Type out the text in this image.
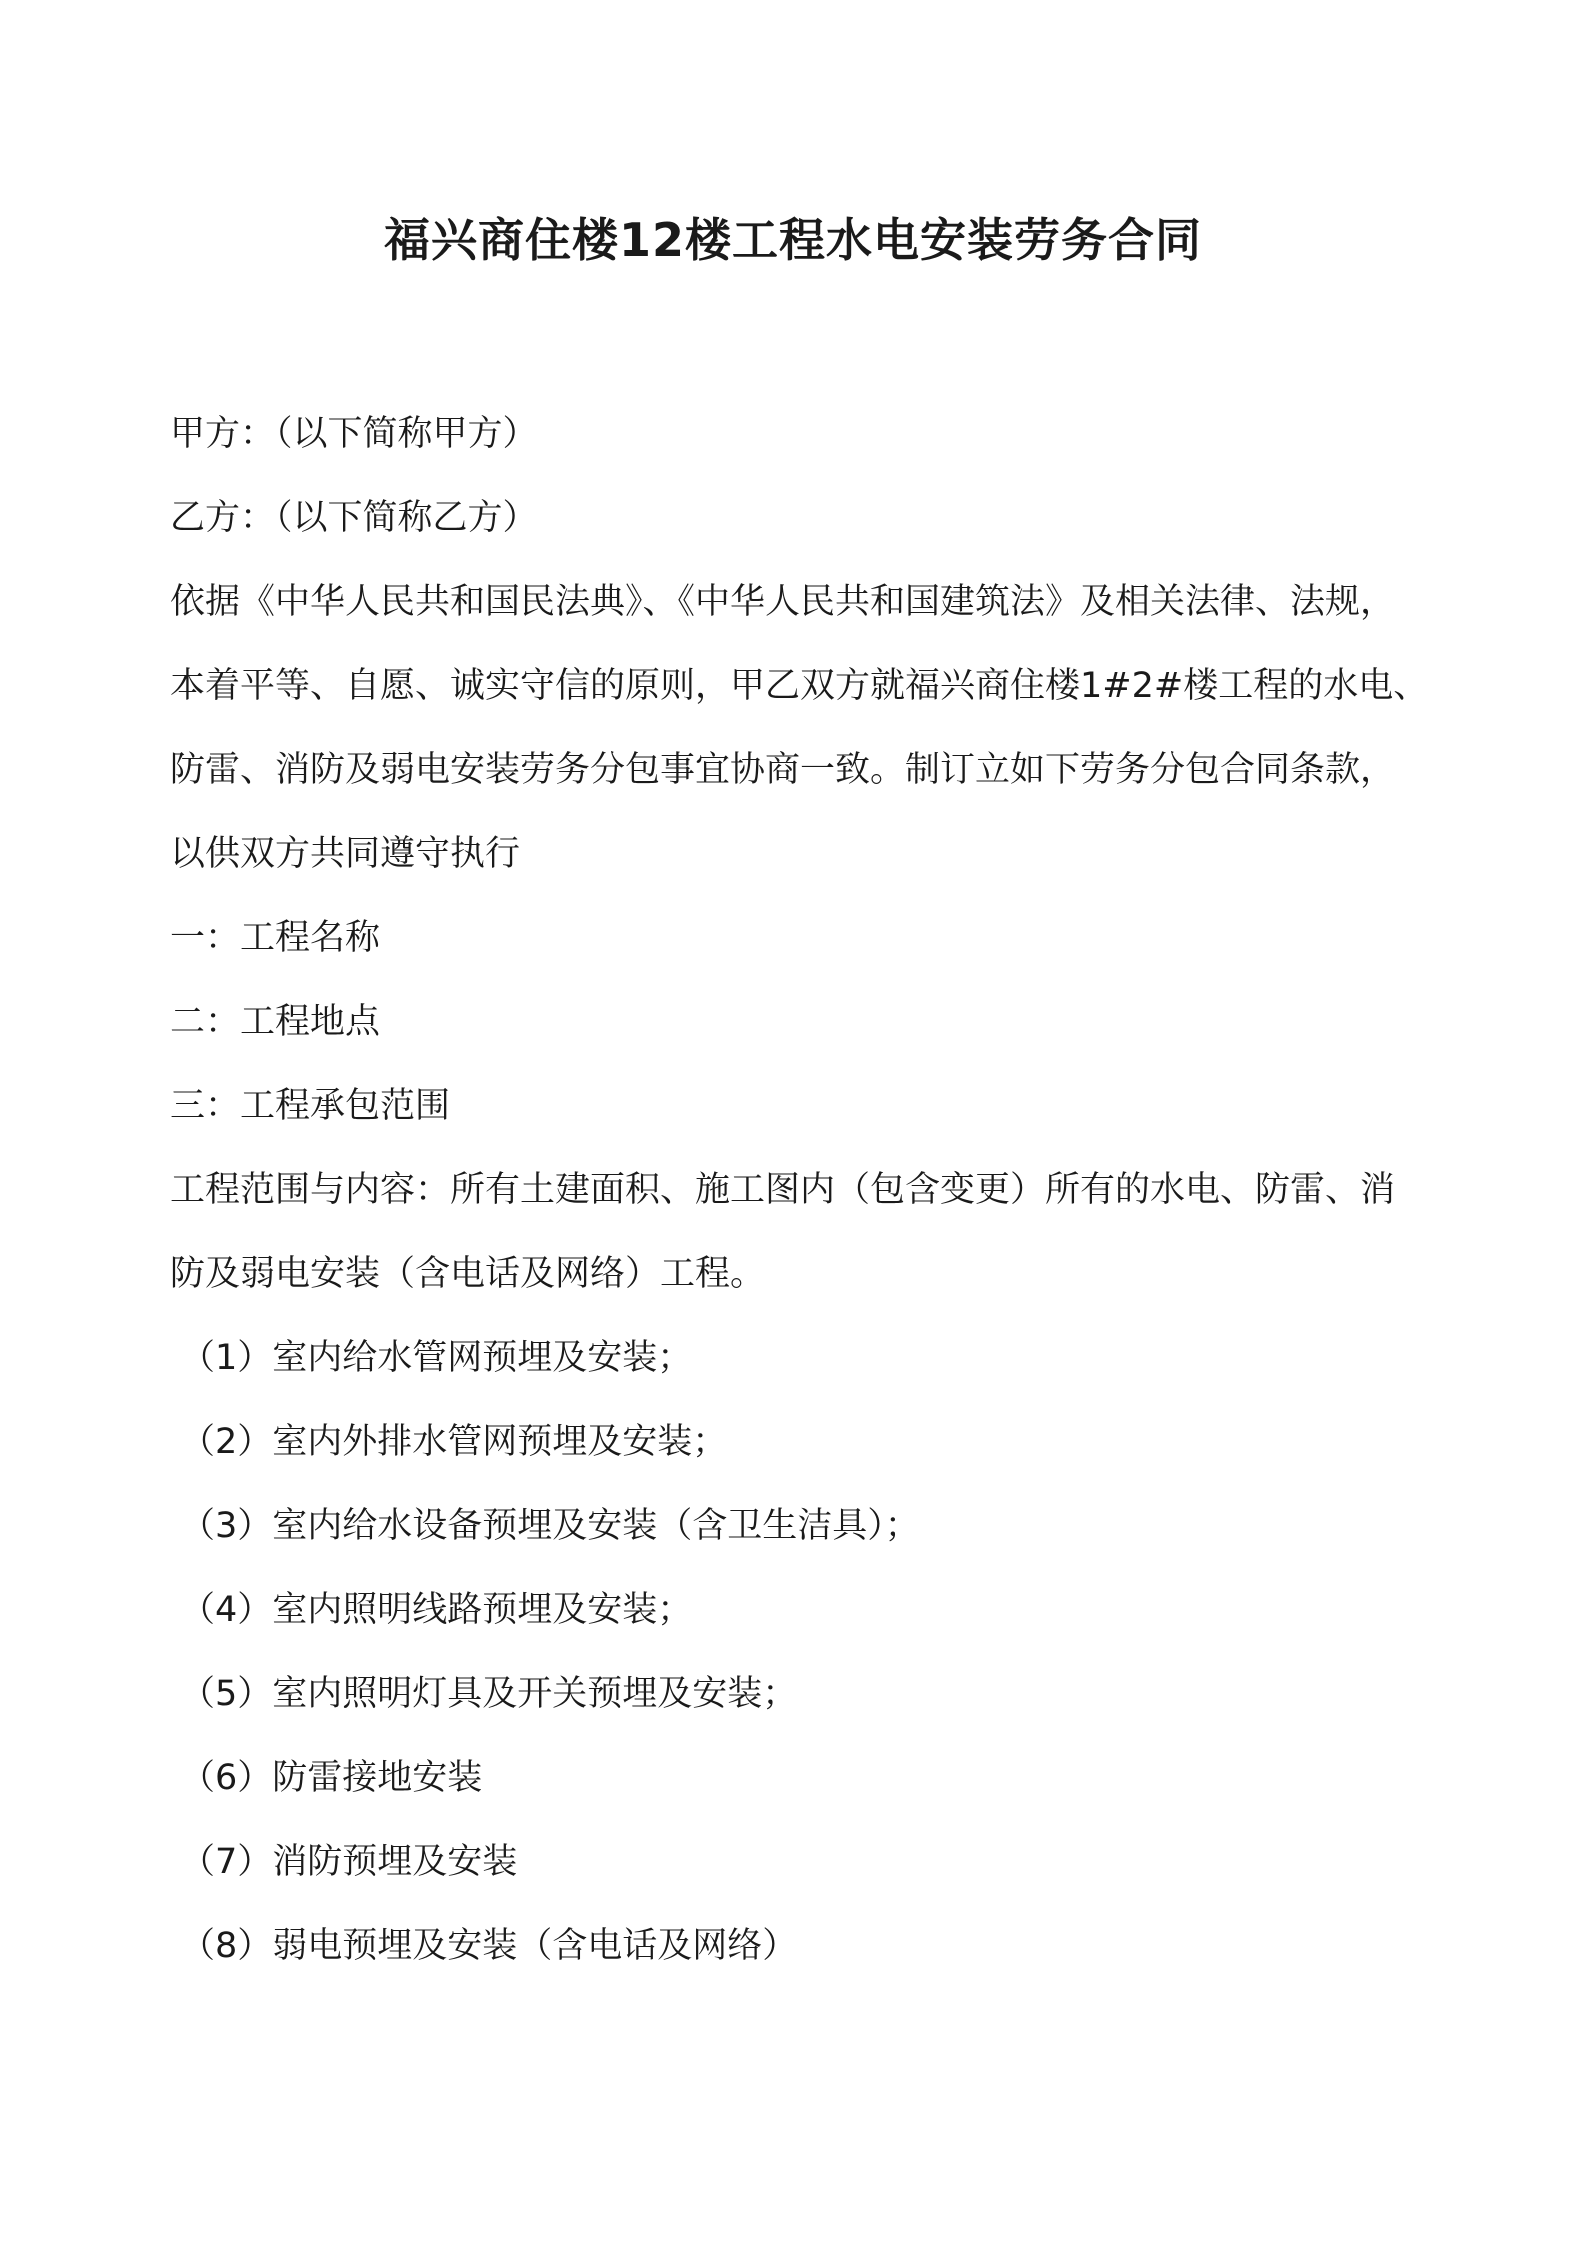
福兴商住楼12楼工程水电安装劳务合同

甲方：（以下简称甲方）

乙方：（以下简称乙方）

依据《中华人民共和国民法典》、《中华人民共和国建筑法》及相关法律、法规，

本着平等、自愿、诚实守信的原则，甲乙双方就福兴商住楼1#2#楼工程的水电、

防雷、消防及弱电安装劳务分包事宜协商一致。制订立如下劳务分包合同条款，

以供双方共同遵守执行

一：工程名称

二：工程地点

三：工程承包范围

工程范围与内容：所有土建面积、施工图内（包含变更）所有的水电、防雷、消

防及弱电安装（含电话及网络）工程。

（1）室内给水管网预埋及安装；

（2）室内外排水管网预埋及安装；

（3）室内给水设备预埋及安装（含卫生洁具）；

（4）室内照明线路预埋及安装；

（5）室内照明灯具及开关预埋及安装；

（6）防雷接地安装

（7）消防预埋及安装

（8）弱电预埋及安装（含电话及网络）
